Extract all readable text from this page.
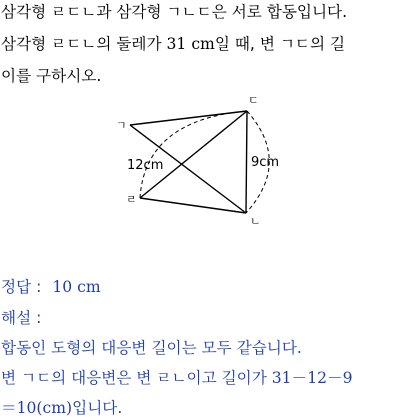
삼각형 ㄹㄷㄴ과 삼각형 ㄱㄴㄷ은 서로 합동입니다.
삼각형 ㄹㄷㄴ의 둘레가 31 cm일 때, 변 ㄱㄷ의 길
이를 구하시오.
ㄱ
ㄷ
ㄹ
ㄴ
12cm	9cm
정답 : 10 cm
해설 :
합동인 도형의 대응변 길이는 모두 같습니다.
변 ㄱㄷ의 대응변은 변 ㄹㄴ이고 길이가 31－12－9
＝10(cm)입니다.
